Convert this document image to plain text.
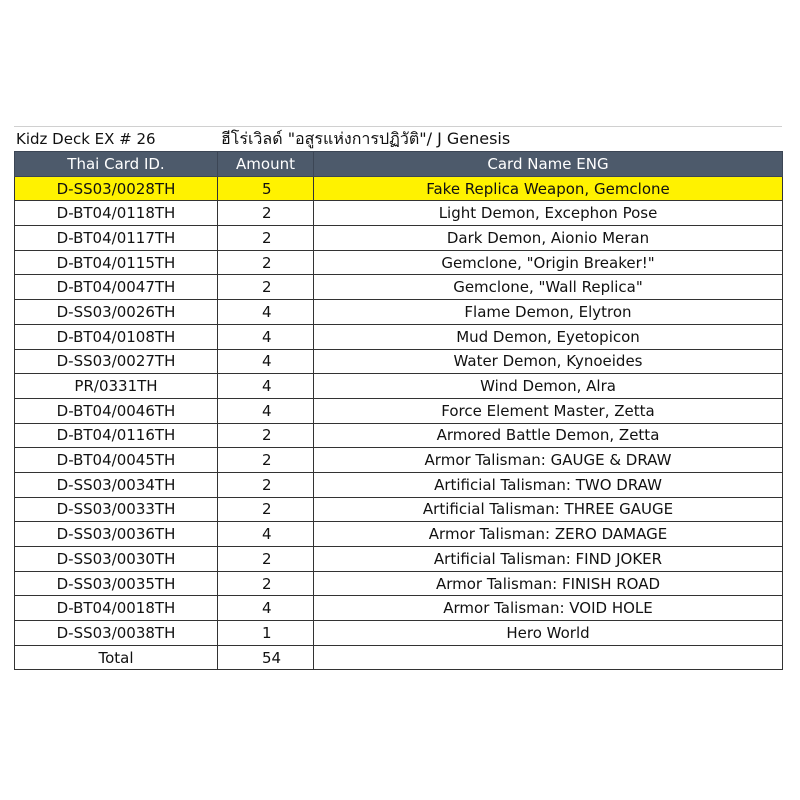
Kidz Deck EX # 26	ฮีโร่เวิลด์ "อสูรแห่งการปฏิวัติ"/ J Genesis
Thai Card ID.	Amount	Card Name ENG
D-SS03/0028TH	5	Fake Replica Weapon, Gemclone
D-BT04/0118TH	2	Light Demon, Excephon Pose
D-BT04/0117TH	2	Dark Demon, Aionio Meran
D-BT04/0115TH	2	Gemclone, "Origin Breaker!"
D-BT04/0047TH	2	Gemclone, "Wall Replica"
D-SS03/0026TH	4	Flame Demon, Elytron
D-BT04/0108TH	4	Mud Demon, Eyetopicon
D-SS03/0027TH	4	Water Demon, Kynoeides
PR/0331TH	4	Wind Demon, Alra
D-BT04/0046TH	4	Force Element Master, Zetta
D-BT04/0116TH	2	Armored Battle Demon, Zetta
D-BT04/0045TH	2	Armor Talisman: GAUGE & DRAW
D-SS03/0034TH	2	Artificial Talisman: TWO DRAW
D-SS03/0033TH	2	Artificial Talisman: THREE GAUGE
D-SS03/0036TH	4	Armor Talisman: ZERO DAMAGE
D-SS03/0030TH	2	Artificial Talisman: FIND JOKER
D-SS03/0035TH	2	Armor Talisman: FINISH ROAD
D-BT04/0018TH	4	Armor Talisman: VOID HOLE
D-SS03/0038TH	1	Hero World
Total	54	
